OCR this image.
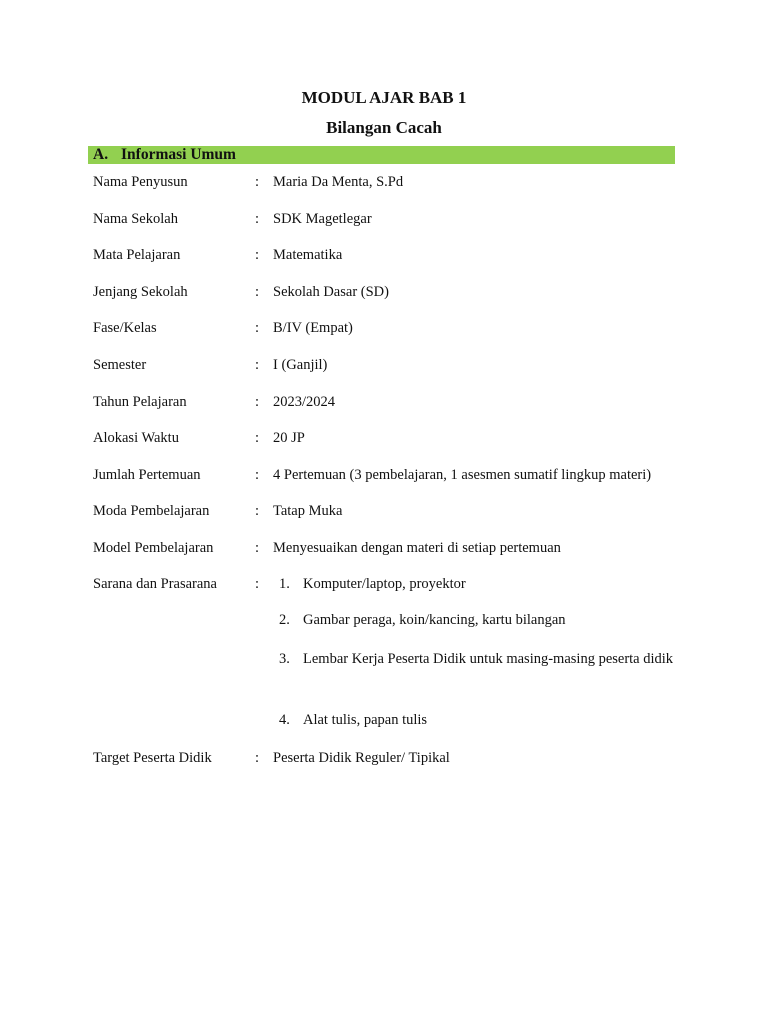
MODUL AJAR BAB 1
Bilangan Cacah
A. Informasi Umum
Nama Penyusun	: Maria Da Menta, S.Pd
Nama Sekolah	: SDK Magetlegar
Mata Pelajaran	: Matematika
Jenjang Sekolah	: Sekolah Dasar (SD)
Fase/Kelas	: B/IV (Empat)
Semester	: I (Ganjil)
Tahun Pelajaran	: 2023/2024
Alokasi Waktu	: 20 JP
Jumlah Pertemuan	: 4 Pertemuan (3 pembelajaran, 1 asesmen sumatif lingkup materi)
Moda Pembelajaran	: Tatap Muka
Model Pembelajaran	: Menyesuaikan dengan materi di setiap pertemuan
Sarana dan Prasarana	: 1. Komputer/laptop, proyektor
2. Gambar peraga, koin/kancing, kartu bilangan
3. Lembar Kerja Peserta Didik untuk masing-masing peserta didik
4. Alat tulis, papan tulis
Target Peserta Didik	: Peserta Didik Reguler/ Tipikal
